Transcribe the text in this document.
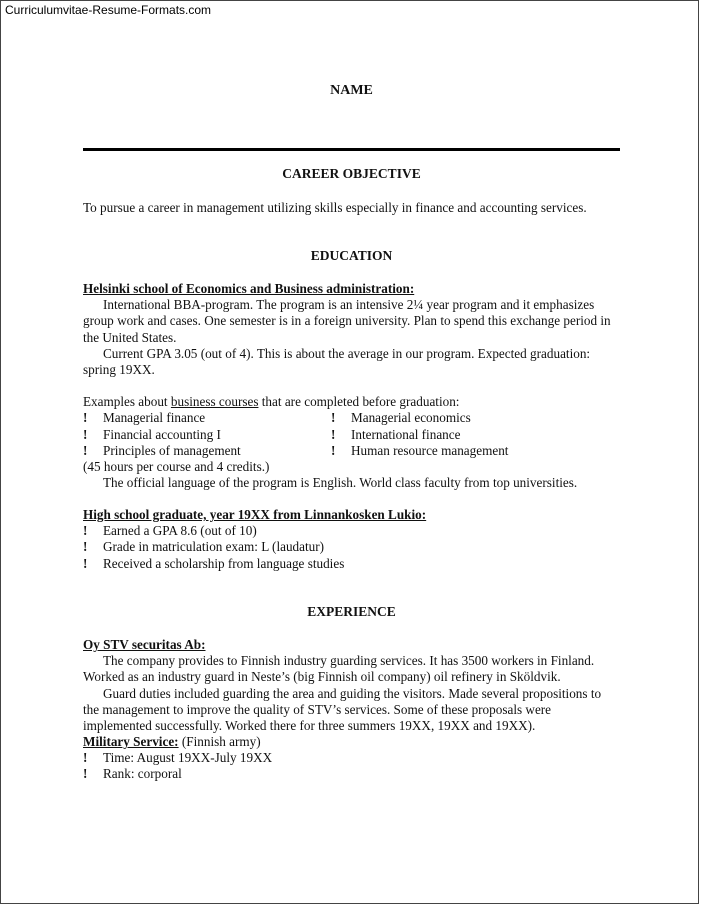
Curriculumvitae-Resume-Formats.com
NAME
CAREER OBJECTIVE
To pursue a career in management utilizing skills especially in finance and accounting services.
EDUCATION
Helsinki school of Economics and Business administration:

International BBA-program. The program is an intensive 2¼ year program and it emphasizes group work and cases. One semester is in a foreign university. Plan to spend this exchange period in the United States.

Current GPA 3.05 (out of 4). This is about the average in our program. Expected graduation: spring 19XX.

Examples about business courses that are completed before graduation:

!	Managerial finance
!	Financial accounting I
!	Principles of management
!	Managerial economics
!	International finance
!	Human resource management

(45 hours per course and 4 credits.)

The official language of the program is English. World class faculty from top universities.

High school graduate, year 19XX from Linnankosken Lukio:
!	Earned a GPA 8.6 (out of 10)
!	Grade in matriculation exam: L (laudatur)
!	Received a scholarship from language studies
EXPERIENCE
Oy STV securitas Ab:

The company provides to Finnish industry guarding services. It has 3500 workers in Finland. Worked as an industry guard in Neste’s (big Finnish oil company) oil refinery in Sköldvik.

Guard duties included guarding the area and guiding the visitors. Made several propositions to the management to improve the quality of STV’s services. Some of these proposals were implemented successfully. Worked there for three summers 19XX, 19XX and 19XX).

Military Service: (Finnish army)
!	Time: August 19XX-July 19XX
!	Rank: corporal
